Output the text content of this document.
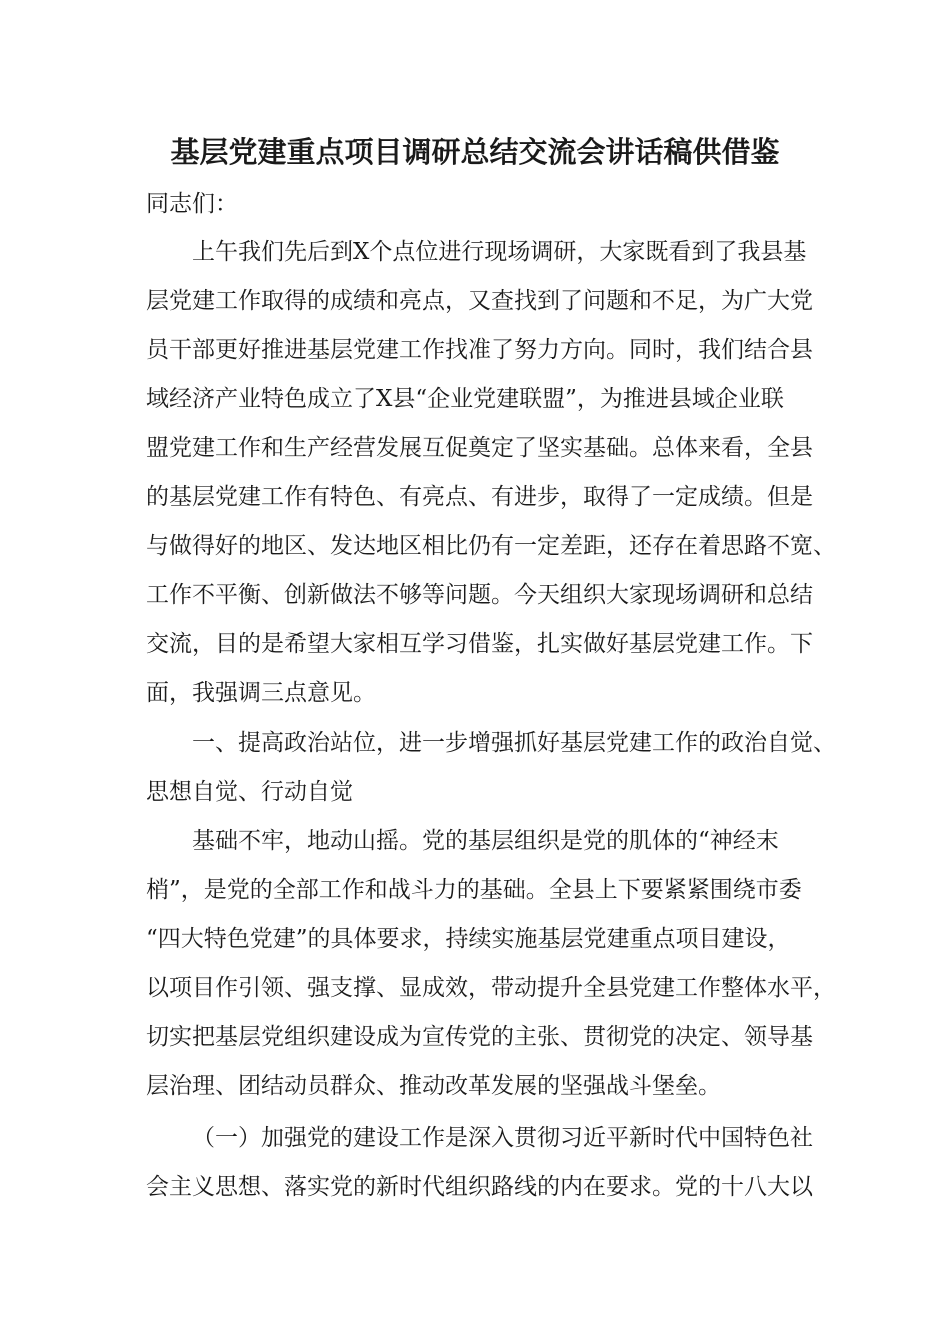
基层党建重点项目调研总结交流会讲话稿供借鉴
同志们：
上午我们先后到X个点位进行现场调研，大家既看到了我县基
层党建工作取得的成绩和亮点，又查找到了问题和不足，为广大党
员干部更好推进基层党建工作找准了努力方向。同时，我们结合县
域经济产业特色成立了X县“企业党建联盟”，为推进县域企业联
盟党建工作和生产经营发展互促奠定了坚实基础。总体来看，全县
的基层党建工作有特色、有亮点、有进步，取得了一定成绩。但是
与做得好的地区、发达地区相比仍有一定差距，还存在着思路不宽、
工作不平衡、创新做法不够等问题。今天组织大家现场调研和总结
交流，目的是希望大家相互学习借鉴，扎实做好基层党建工作。下
面，我强调三点意见。
一、提高政治站位，进一步增强抓好基层党建工作的政治自觉、
思想自觉、行动自觉
基础不牢，地动山摇。党的基层组织是党的肌体的“神经末
梢”，是党的全部工作和战斗力的基础。全县上下要紧紧围绕市委
“四大特色党建”的具体要求，持续实施基层党建重点项目建设，
以项目作引领、强支撑、显成效，带动提升全县党建工作整体水平，
切实把基层党组织建设成为宣传党的主张、贯彻党的决定、领导基
层治理、团结动员群众、推动改革发展的坚强战斗堡垒。
（一）加强党的建设工作是深入贯彻习近平新时代中国特色社
会主义思想、落实党的新时代组织路线的内在要求。党的十八大以
